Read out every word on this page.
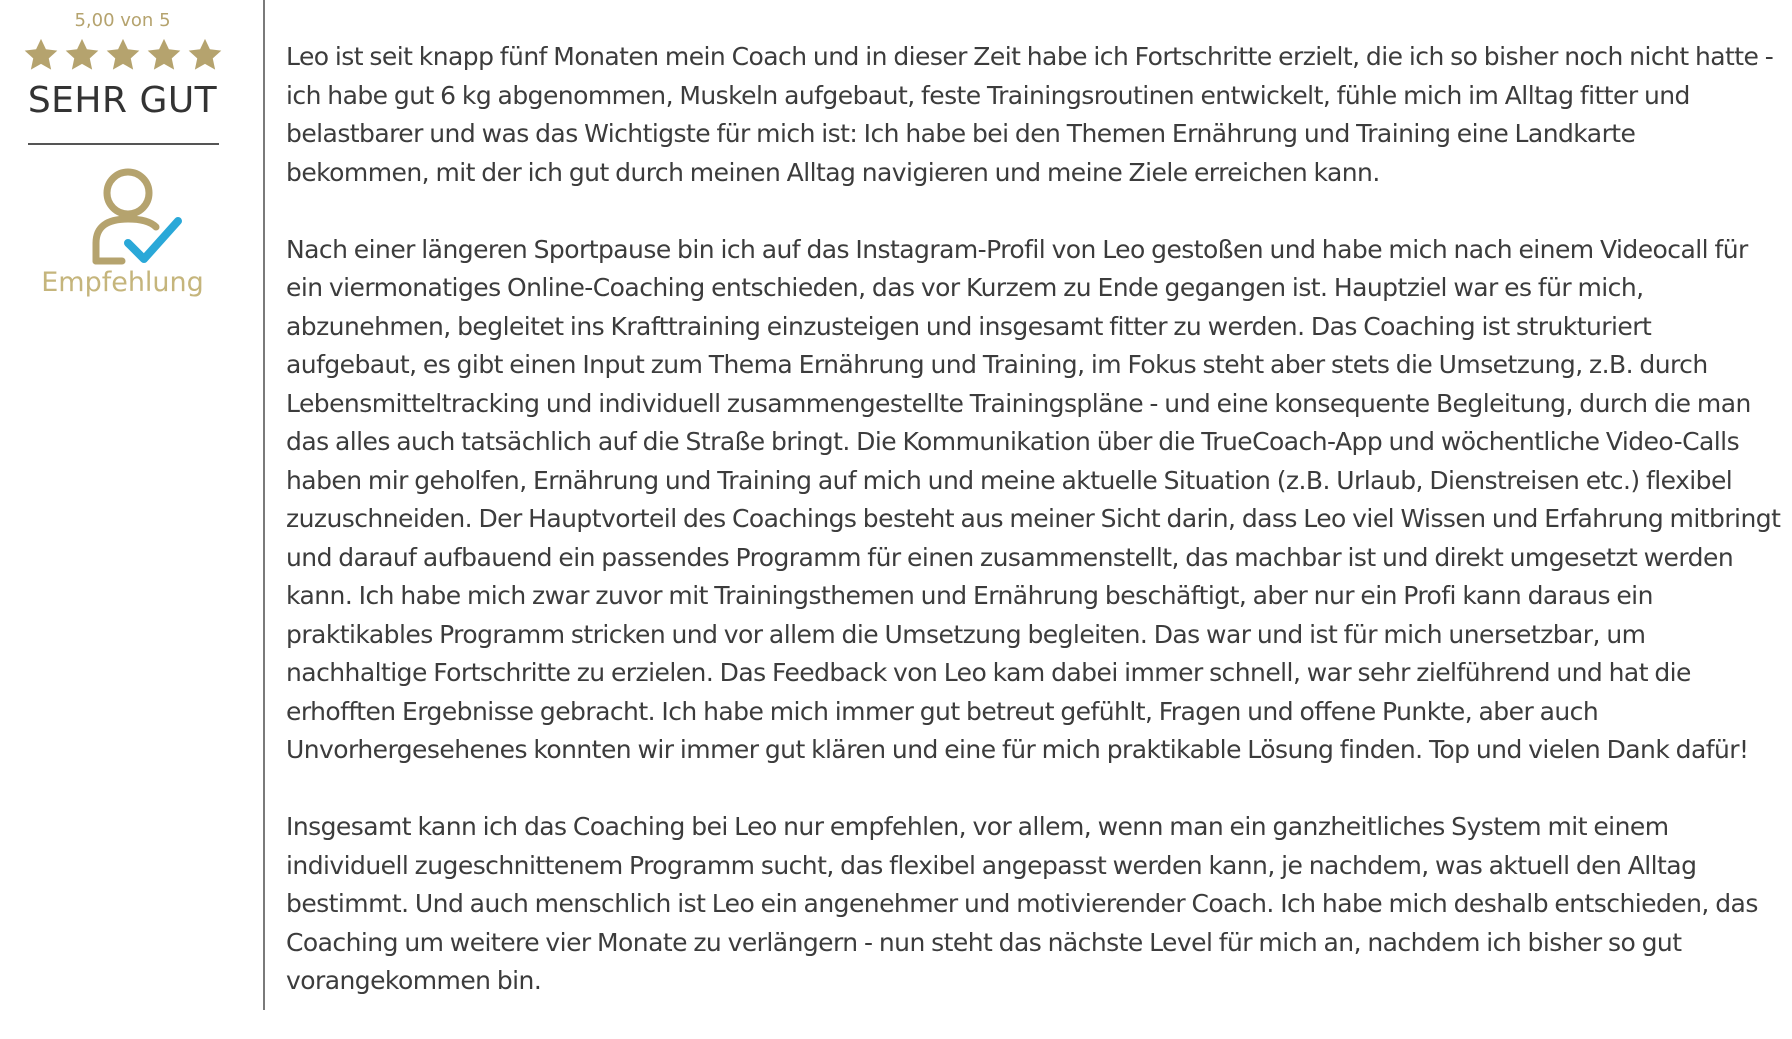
5,00 von 5
SEHR GUT
Empfehlung

Leo ist seit knapp fünf Monaten mein Coach und in dieser Zeit habe ich Fortschritte erzielt, die ich so bisher noch nicht hatte - ich habe gut 6 kg abgenommen, Muskeln aufgebaut, feste Trainingsroutinen entwickelt, fühle mich im Alltag fitter und belastbarer und was das Wichtigste für mich ist: Ich habe bei den Themen Ernährung und Training eine Landkarte bekommen, mit der ich gut durch meinen Alltag navigieren und meine Ziele erreichen kann.

Nach einer längeren Sportpause bin ich auf das Instagram-Profil von Leo gestoßen und habe mich nach einem Videocall für ein viermonatiges Online-Coaching entschieden, das vor Kurzem zu Ende gegangen ist. Hauptziel war es für mich, abzunehmen, begleitet ins Krafttraining einzusteigen und insgesamt fitter zu werden. Das Coaching ist strukturiert aufgebaut, es gibt einen Input zum Thema Ernährung und Training, im Fokus steht aber stets die Umsetzung, z.B. durch Lebensmitteltracking und individuell zusammengestellte Trainingspläne - und eine konsequente Begleitung, durch die man das alles auch tatsächlich auf die Straße bringt. Die Kommunikation über die TrueCoach-App und wöchentliche Video-Calls haben mir geholfen, Ernährung und Training auf mich und meine aktuelle Situation (z.B. Urlaub, Dienstreisen etc.) flexibel zuzuschneiden. Der Hauptvorteil des Coachings besteht aus meiner Sicht darin, dass Leo viel Wissen und Erfahrung mitbringt und darauf aufbauend ein passendes Programm für einen zusammenstellt, das machbar ist und direkt umgesetzt werden kann. Ich habe mich zwar zuvor mit Trainingsthemen und Ernährung beschäftigt, aber nur ein Profi kann daraus ein praktikables Programm stricken und vor allem die Umsetzung begleiten. Das war und ist für mich unersetzbar, um nachhaltige Fortschritte zu erzielen. Das Feedback von Leo kam dabei immer schnell, war sehr zielführend und hat die erhofften Ergebnisse gebracht. Ich habe mich immer gut betreut gefühlt, Fragen und offene Punkte, aber auch Unvorhergesehenes konnten wir immer gut klären und eine für mich praktikable Lösung finden. Top und vielen Dank dafür!

Insgesamt kann ich das Coaching bei Leo nur empfehlen, vor allem, wenn man ein ganzheitliches System mit einem individuell zugeschnittenem Programm sucht, das flexibel angepasst werden kann, je nachdem, was aktuell den Alltag bestimmt. Und auch menschlich ist Leo ein angenehmer und motivierender Coach. Ich habe mich deshalb entschieden, das Coaching um weitere vier Monate zu verlängern - nun steht das nächste Level für mich an, nachdem ich bisher so gut vorangekommen bin.
